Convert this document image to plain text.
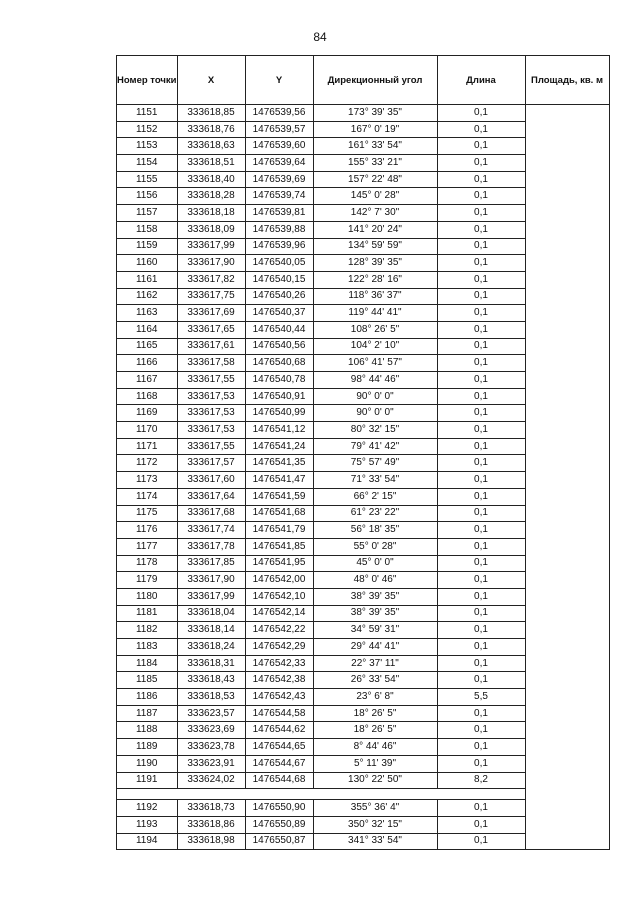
84
Номер точки	X	Y	Дирекционный угол	Длина	Площадь, кв. м
1151	333618,85	1476539,56	173° 39' 35"	0,1	
1152	333618,76	1476539,57	167° 0' 19"	0,1	
1153	333618,63	1476539,60	161° 33' 54"	0,1	
1154	333618,51	1476539,64	155° 33' 21"	0,1	
1155	333618,40	1476539,69	157° 22' 48"	0,1	
1156	333618,28	1476539,74	145° 0' 28"	0,1	
1157	333618,18	1476539,81	142° 7' 30"	0,1	
1158	333618,09	1476539,88	141° 20' 24"	0,1	
1159	333617,99	1476539,96	134° 59' 59"	0,1	
1160	333617,90	1476540,05	128° 39' 35"	0,1	
1161	333617,82	1476540,15	122° 28' 16"	0,1	
1162	333617,75	1476540,26	118° 36' 37"	0,1	
1163	333617,69	1476540,37	119° 44' 41"	0,1	
1164	333617,65	1476540,44	108° 26' 5"	0,1	
1165	333617,61	1476540,56	104° 2' 10"	0,1	
1166	333617,58	1476540,68	106° 41' 57"	0,1	
1167	333617,55	1476540,78	98° 44' 46"	0,1	
1168	333617,53	1476540,91	90° 0' 0"	0,1	
1169	333617,53	1476540,99	90° 0' 0"	0,1	
1170	333617,53	1476541,12	80° 32' 15"	0,1	
1171	333617,55	1476541,24	79° 41' 42"	0,1	
1172	333617,57	1476541,35	75° 57' 49"	0,1	
1173	333617,60	1476541,47	71° 33' 54"	0,1	
1174	333617,64	1476541,59	66° 2' 15"	0,1	
1175	333617,68	1476541,68	61° 23' 22"	0,1	
1176	333617,74	1476541,79	56° 18' 35"	0,1	
1177	333617,78	1476541,85	55° 0' 28"	0,1	
1178	333617,85	1476541,95	45° 0' 0"	0,1	
1179	333617,90	1476542,00	48° 0' 46"	0,1	
1180	333617,99	1476542,10	38° 39' 35"	0,1	
1181	333618,04	1476542,14	38° 39' 35"	0,1	
1182	333618,14	1476542,22	34° 59' 31"	0,1	
1183	333618,24	1476542,29	29° 44' 41"	0,1	
1184	333618,31	1476542,33	22° 37' 11"	0,1	
1185	333618,43	1476542,38	26° 33' 54"	0,1	
1186	333618,53	1476542,43	23° 6' 8"	5,5	
1187	333623,57	1476544,58	18° 26' 5"	0,1	
1188	333623,69	1476544,62	18° 26' 5"	0,1	
1189	333623,78	1476544,65	8° 44' 46"	0,1	
1190	333623,91	1476544,67	5° 11' 39"	0,1	
1191	333624,02	1476544,68	130° 22' 50"	8,2	

1192	333618,73	1476550,90	355° 36' 4"	0,1	
1193	333618,86	1476550,89	350° 32' 15"	0,1	
1194	333618,98	1476550,87	341° 33' 54"	0,1	
